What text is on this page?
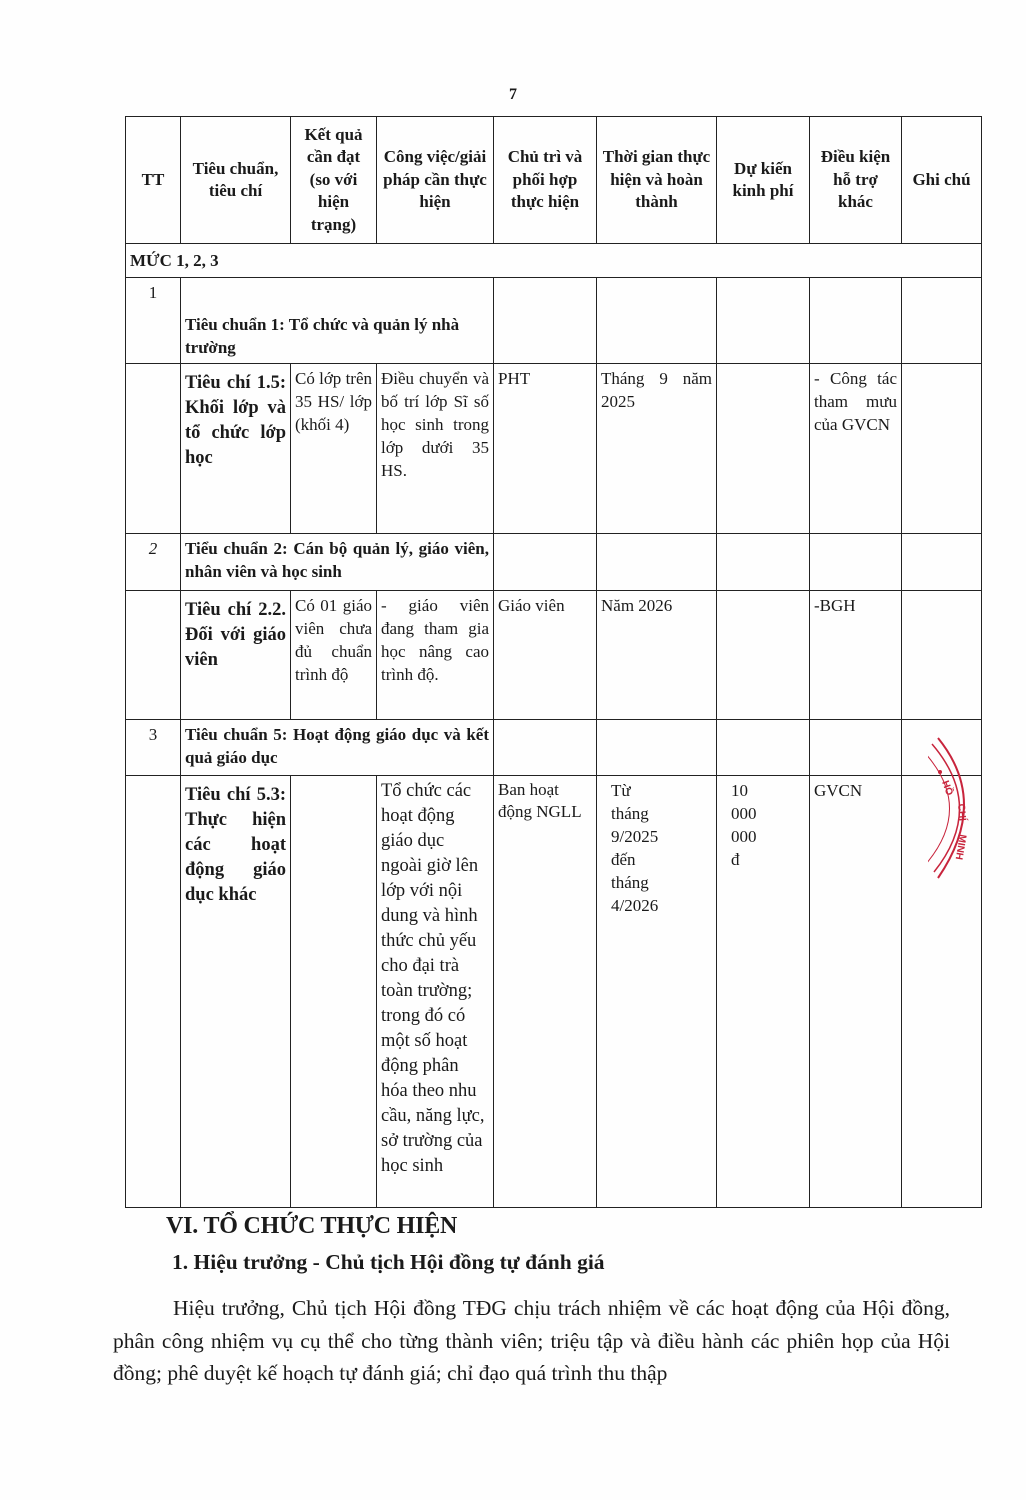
7
TT	Tiêu chuẩn, tiêu chí	Kết quả cần đạt (so với hiện trạng)	Công việc/giải pháp cần thực hiện	Chủ trì và phối hợp thực hiện	Thời gian thực hiện và hoàn thành	Dự kiến kinh phí	Điều kiện hỗ trợ khác	Ghi chú
MỨC 1, 2, 3								
1	Tiêu chuẩn 1: Tổ chức và quản lý nhà trường							
	Tiêu chí 1.5: Khối lớp và tổ chức lớp học	Có lớp trên 35 HS/ lớp (khối 4)	Điều chuyển và bố trí lớp Sĩ số học sinh trong lớp dưới 35 HS.	PHT	Tháng 9 năm 2025		- Công tác tham mưu của GVCN	
2	Tiểu chuẩn 2: Cán bộ quản lý, giáo viên, nhân viên và học sinh							
	Tiêu chí 2.2. Đối với giáo viên	Có 01 giáo viên chưa đủ chuẩn trình độ	- giáo viên đang tham gia học nâng cao trình độ.	Giáo viên	Năm 2026		-BGH	
3	Tiêu chuẩn 5: Hoạt động giáo dục và kết quả giáo dục							
	Tiêu chí 5.3: Thực hiện các hoạt động giáo dục khác		Tổ chức các hoạt động giáo dục ngoài giờ lên lớp với nội dung và hình thức chủ yếu cho đại trà toàn trường; trong đó có một số hoạt động phân hóa theo nhu cầu, năng lực, sở trường của học sinh	Ban hoạt động NGLL	Từ tháng 9/2025 đến tháng 4/2026	10 000 000 đ	GVCN		HỒ
CHÍ
MINH
VI. TỔ CHỨC THỰC HIỆN
1. Hiệu trưởng - Chủ tịch Hội đồng tự đánh giá
Hiệu trưởng, Chủ tịch Hội đồng TĐG chịu trách nhiệm về các hoạt động của Hội đồng, phân công nhiệm vụ cụ thể cho từng thành viên; triệu tập và điều hành các phiên họp của Hội đồng; phê duyệt kế hoạch tự đánh giá; chỉ đạo quá trình thu thập
